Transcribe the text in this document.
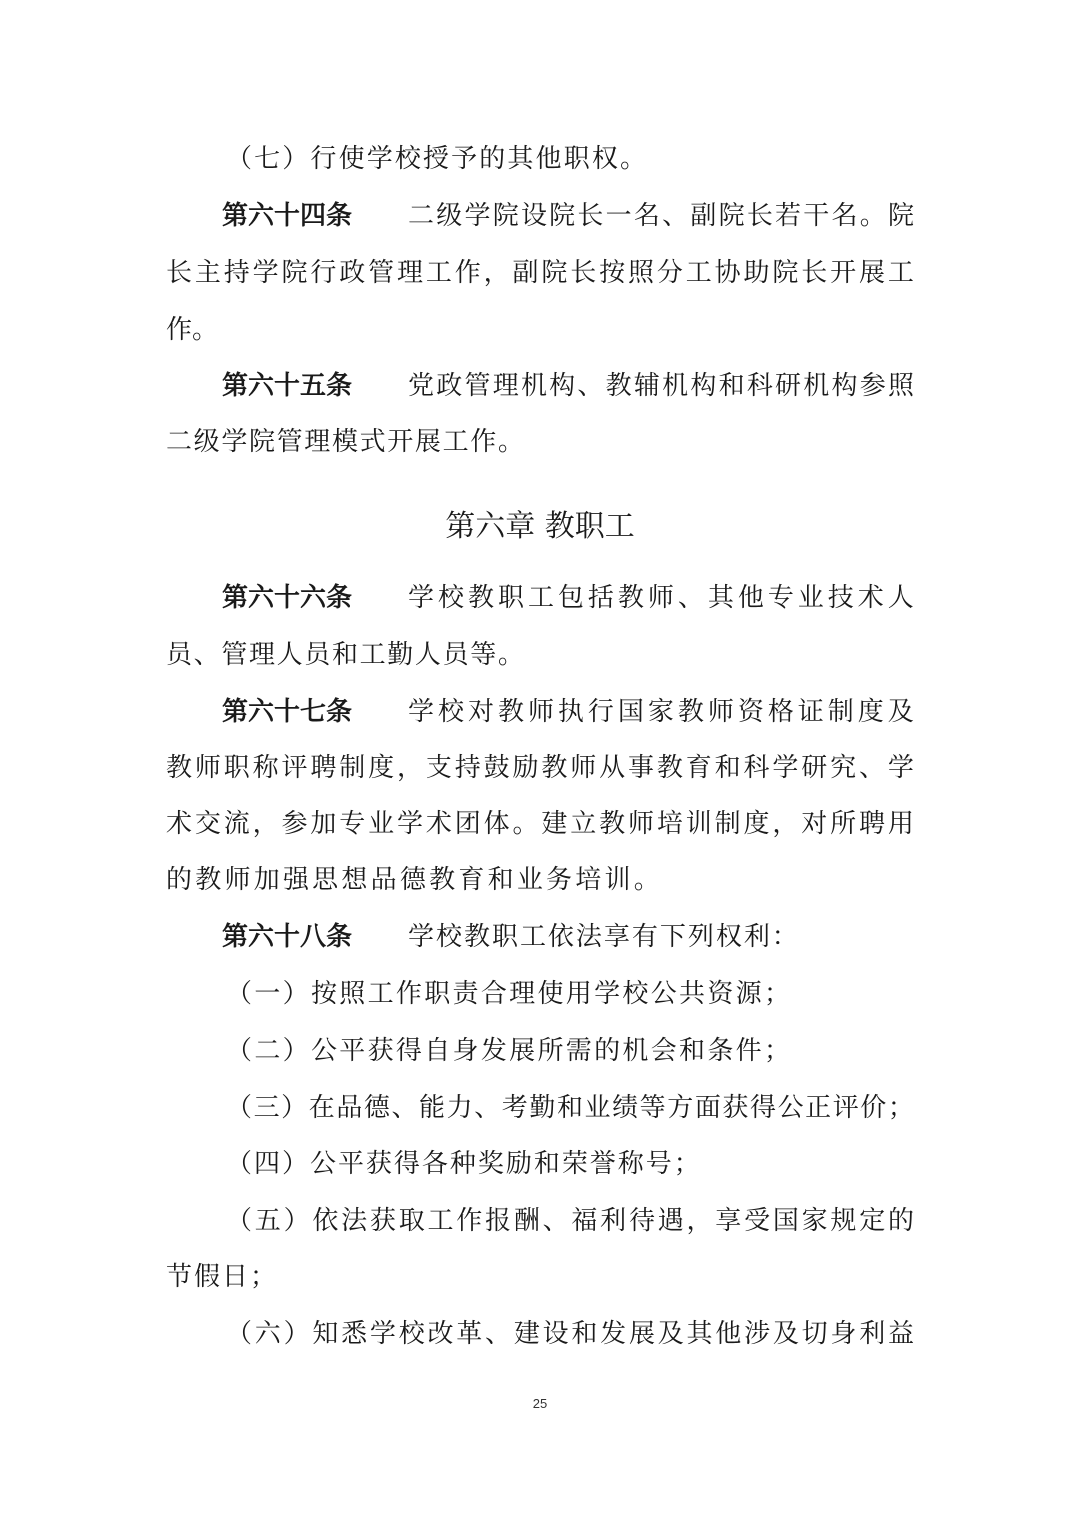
（ 七 ） 行 使 学 校 授 予 的 其 他 职 权 。
第六十四条	二 级 学 院 设 院 长 一 名 、 副 院 长 若 干 名 。 院
长 主 持 学 院 行 政 管 理 工 作 ， 副 院 长 按 照 分 工 协 助 院 长 开 展 工
作。
第六十五条	党 政 管 理 机 构 、 教 辅 机 构 和 科 研 机 构 参 照
二 级 学 院 管 理 模 式 开 展 工 作 。
第六章 教职工
第六十六条	学 校 教 职 工 包 括 教 师 、 其 他 专 业 技 术 人
员 、 管 理 人 员 和 工 勤 人 员 等 。
第六十七条	学 校 对 教 师 执 行 国 家 教 师 资 格 证 制 度 及
教 师 职 称 评 聘 制 度 ， 支 持 鼓 励 教 师 从 事 教 育 和 科 学 研 究 、 学
术 交 流 ， 参 加 专 业 学 术 团 体 。 建 立 教 师 培 训 制 度 ， 对 所 聘 用
的 教 师 加 强 思 想 品 德 教 育 和 业 务 培 训 。
第六十八条	学 校 教 职 工 依 法 享 有 下 列 权 利 ：
（ 一 ） 按 照 工 作 职 责 合 理 使 用 学 校 公 共 资 源 ；
（ 二 ） 公 平 获 得 自 身 发 展 所 需 的 机 会 和 条 件 ；
（ 三 ） 在 品 德 、 能 力 、 考 勤 和 业 绩 等 方 面 获 得 公 正 评 价 ；
（ 四 ） 公 平 获 得 各 种 奖 励 和 荣 誉 称 号 ；
（ 五 ） 依 法 获 取 工 作 报 酬 、 福 利 待 遇 ， 享 受 国 家 规 定 的
节 假 日 ；
（ 六 ） 知 悉 学 校 改 革 、 建 设 和 发 展 及 其 他 涉 及 切 身 利 益
25
